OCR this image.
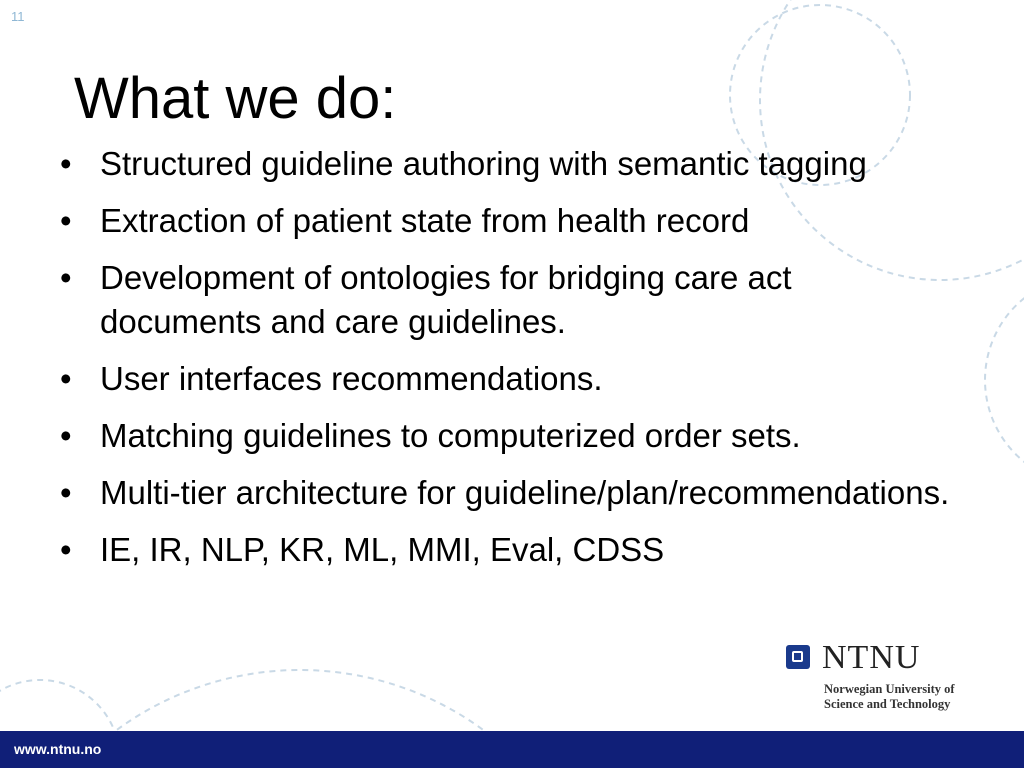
11
What we do:
• Structured guideline authoring with semantic tagging
• Extraction of patient state from health record
• Development of ontologies for bridging care act documents and care guidelines.
• User interfaces recommendations.
• Matching guidelines to computerized order sets.
• Multi-tier architecture for guideline/plan/recommendations.
• IE, IR, NLP, KR, ML, MMI, Eval, CDSS
NTNU
Norwegian University of
Science and Technology
www.ntnu.no
